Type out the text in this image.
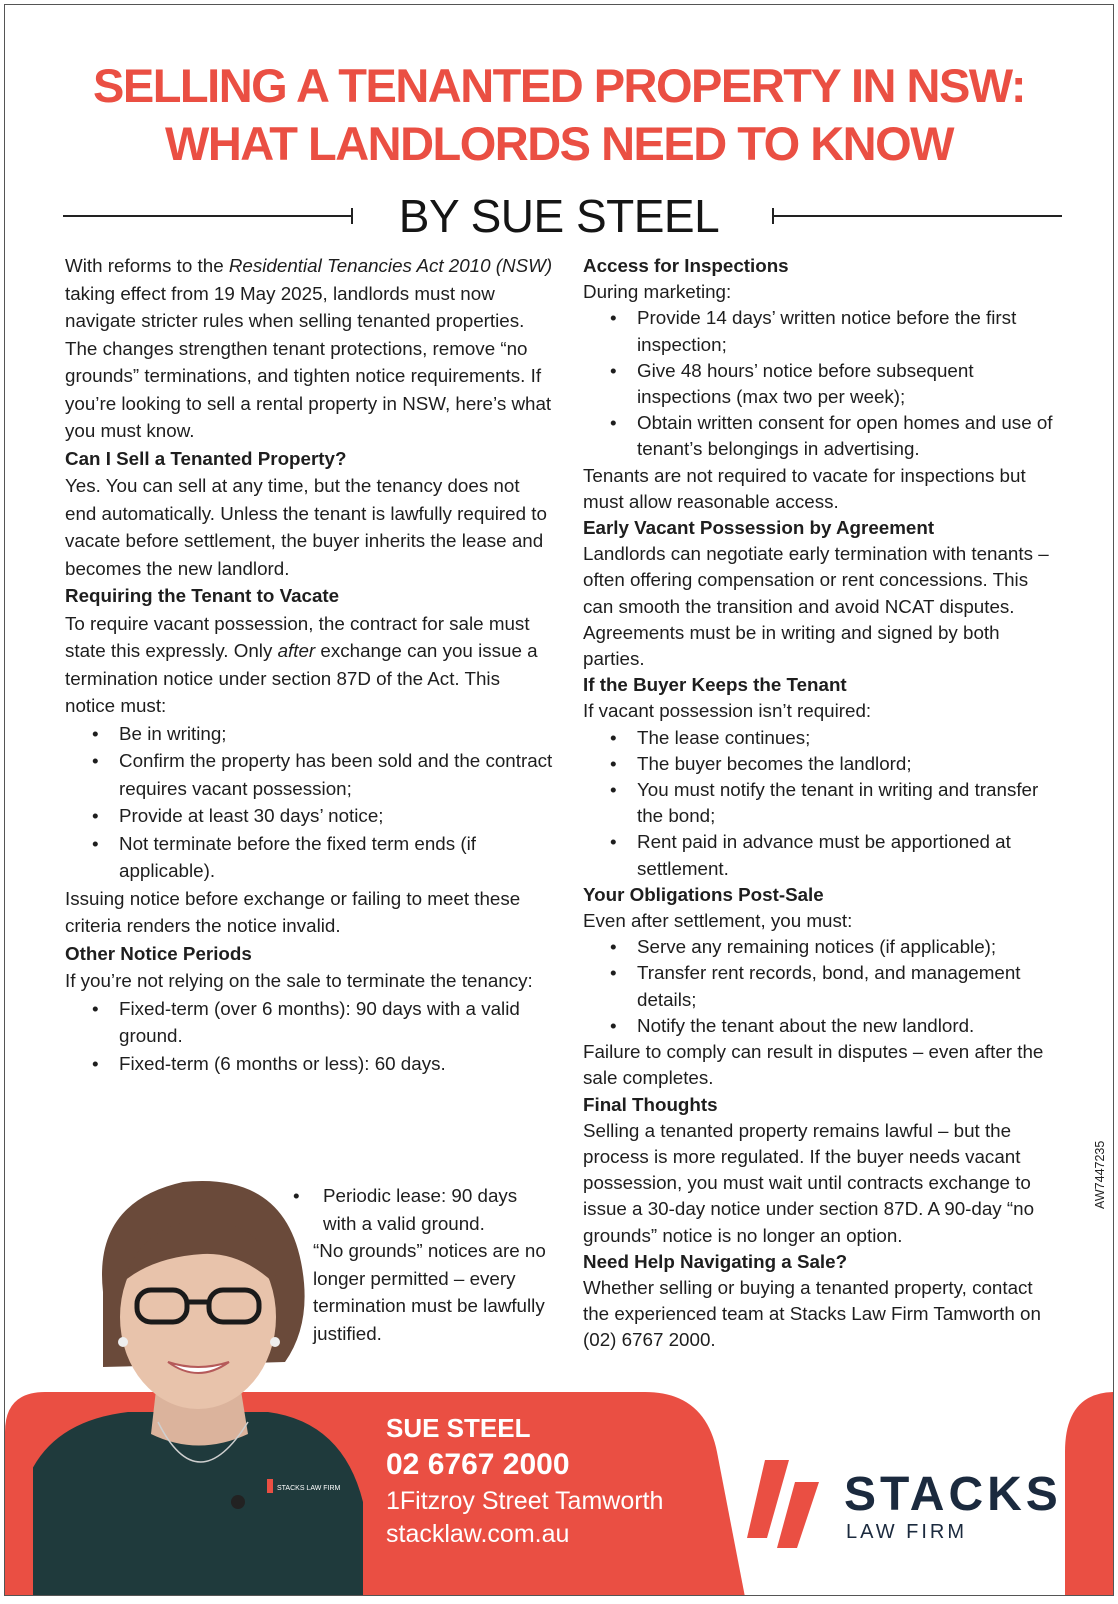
SELLING A TENANTED PROPERTY IN NSW:
WHAT LANDLORDS NEED TO KNOW
BY SUE STEEL

With reforms to the Residential Tenancies Act 2010 (NSW) taking effect from 19 May 2025, landlords must now navigate stricter rules when selling tenanted properties. The changes strengthen tenant protections, remove “no grounds” terminations, and tighten notice requirements. If you’re looking to sell a rental property in NSW, here’s what you must know.

Can I Sell a Tenanted Property?

Yes. You can sell at any time, but the tenancy does not end automatically. Unless the tenant is lawfully required to vacate before settlement, the buyer inherits the lease and becomes the new landlord.

Requiring the Tenant to Vacate

To require vacant possession, the contract for sale must state this expressly. Only after exchange can you issue a termination notice under section 87D of the Act. This notice must:

• Be in writing;
• Confirm the property has been sold and the contract requires vacant possession;
• Provide at least 30 days’ notice;
• Not terminate before the fixed term ends (if applicable).

Issuing notice before exchange or failing to meet these criteria renders the notice invalid.

Other Notice Periods

If you’re not relying on the sale to terminate the tenancy:

• Fixed-term (over 6 months): 90 days with a valid ground.
• Fixed-term (6 months or less): 60 days.
• Periodic lease: 90 days with a valid ground.
“No grounds” notices are no longer permitted – every termination must be lawfully justified.
Access for Inspections

During marketing:

• Provide 14 days’ written notice before the first inspection;
• Give 48 hours’ notice before subsequent inspections (max two per week);
• Obtain written consent for open homes and use of tenant’s belongings in advertising.

Tenants are not required to vacate for inspections but must allow reasonable access.

Early Vacant Possession by Agreement

Landlords can negotiate early termination with tenants – often offering compensation or rent concessions. This can smooth the transition and avoid NCAT disputes. Agreements must be in writing and signed by both parties.

If the Buyer Keeps the Tenant

If vacant possession isn’t required:

• The lease continues;
• The buyer becomes the landlord;
• You must notify the tenant in writing and transfer the bond;
• Rent paid in advance must be apportioned at settlement.
Your Obligations Post-Sale

Even after settlement, you must:

• Serve any remaining notices (if applicable);
• Transfer rent records, bond, and management details;
• Notify the tenant about the new landlord.

Failure to comply can result in disputes – even after the sale completes.

Final Thoughts

Selling a tenanted property remains lawful – but the process is more regulated. If the buyer needs vacant possession, you must wait until contracts exchange to issue a 30-day notice under section 87D. A 90-day “no grounds” notice is no longer an option.

Need Help Navigating a Sale?

Whether selling or buying a tenanted property, contact the experienced team at Stacks Law Firm Tamworth on (02) 6767 2000.

AW7447235
STACKS LAW FIRM
SUE STEEL
02 6767 2000
1Fitzroy Street Tamworth
stacklaw.com.au
STACKS
LAW FIRM
